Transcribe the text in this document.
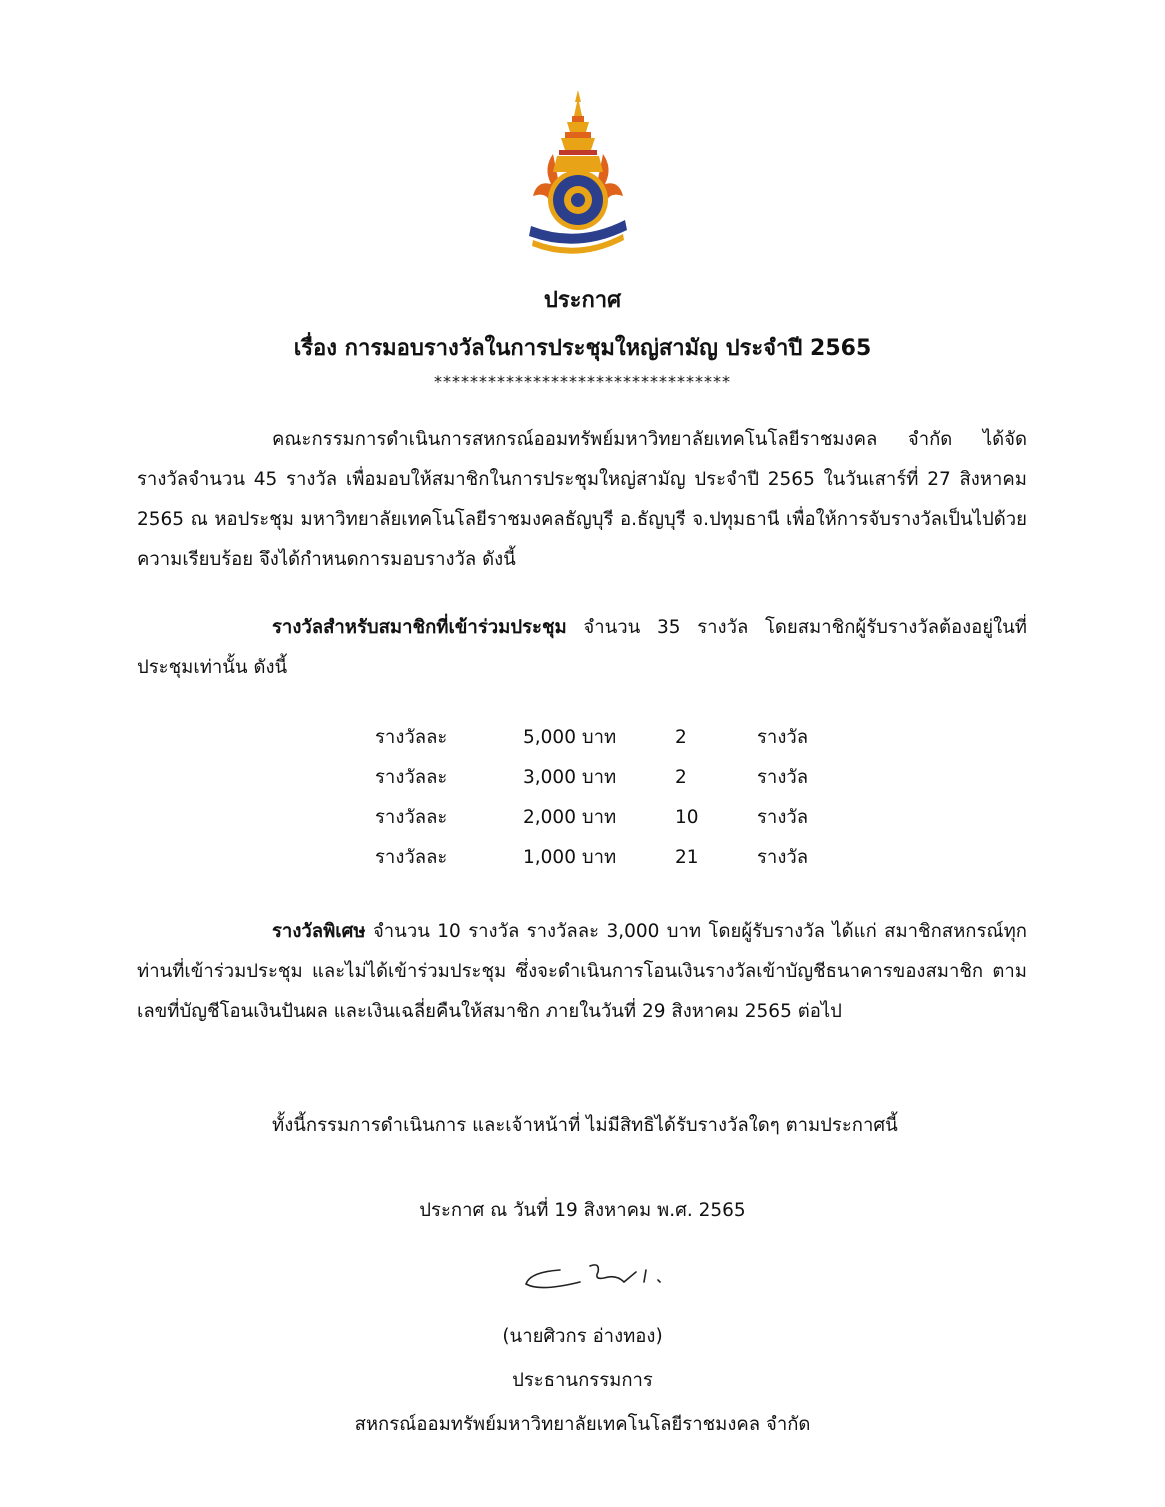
ประกาศ
เรื่อง การมอบรางวัลในการประชุมใหญ่สามัญ ประจำปี 2565
*********************************
คณะกรรมการดำเนินการสหกรณ์ออมทรัพย์มหาวิทยาลัยเทคโนโลยีราชมงคล จำกัด ได้จัดรางวัลจำนวน 45 รางวัล เพื่อมอบให้สมาชิกในการประชุมใหญ่สามัญ ประจำปี 2565 ในวันเสาร์ที่ 27 สิงหาคม 2565 ณ หอประชุม มหาวิทยาลัยเทคโนโลยีราชมงคลธัญบุรี อ.ธัญบุรี จ.ปทุมธานี เพื่อให้การจับรางวัลเป็นไปด้วยความเรียบร้อย จึงได้กำหนดการมอบรางวัล ดังนี้
รางวัลสำหรับสมาชิกที่เข้าร่วมประชุม จำนวน 35 รางวัล โดยสมาชิกผู้รับรางวัลต้องอยู่ในที่ประชุมเท่านั้น ดังนี้
รางวัลละ	5,000 บาท	2	รางวัล
รางวัลละ	3,000 บาท	2	รางวัล
รางวัลละ	2,000 บาท	10	รางวัล
รางวัลละ	1,000 บาท	21	รางวัล
รางวัลพิเศษ จำนวน 10 รางวัล รางวัลละ 3,000 บาท โดยผู้รับรางวัล ได้แก่ สมาชิกสหกรณ์ทุกท่านที่เข้าร่วมประชุม และไม่ได้เข้าร่วมประชุม ซึ่งจะดำเนินการโอนเงินรางวัลเข้าบัญชีธนาคารของสมาชิก ตามเลขที่บัญชีโอนเงินปันผล และเงินเฉลี่ยคืนให้สมาชิก ภายในวันที่ 29 สิงหาคม 2565 ต่อไป
ทั้งนี้กรรมการดำเนินการ และเจ้าหน้าที่ ไม่มีสิทธิได้รับรางวัลใดๆ ตามประกาศนี้
ประกาศ ณ วันที่ 19 สิงหาคม พ.ศ. 2565
(นายศิวกร อ่างทอง)
ประธานกรรมการ
สหกรณ์ออมทรัพย์มหาวิทยาลัยเทคโนโลยีราชมงคล จำกัด
